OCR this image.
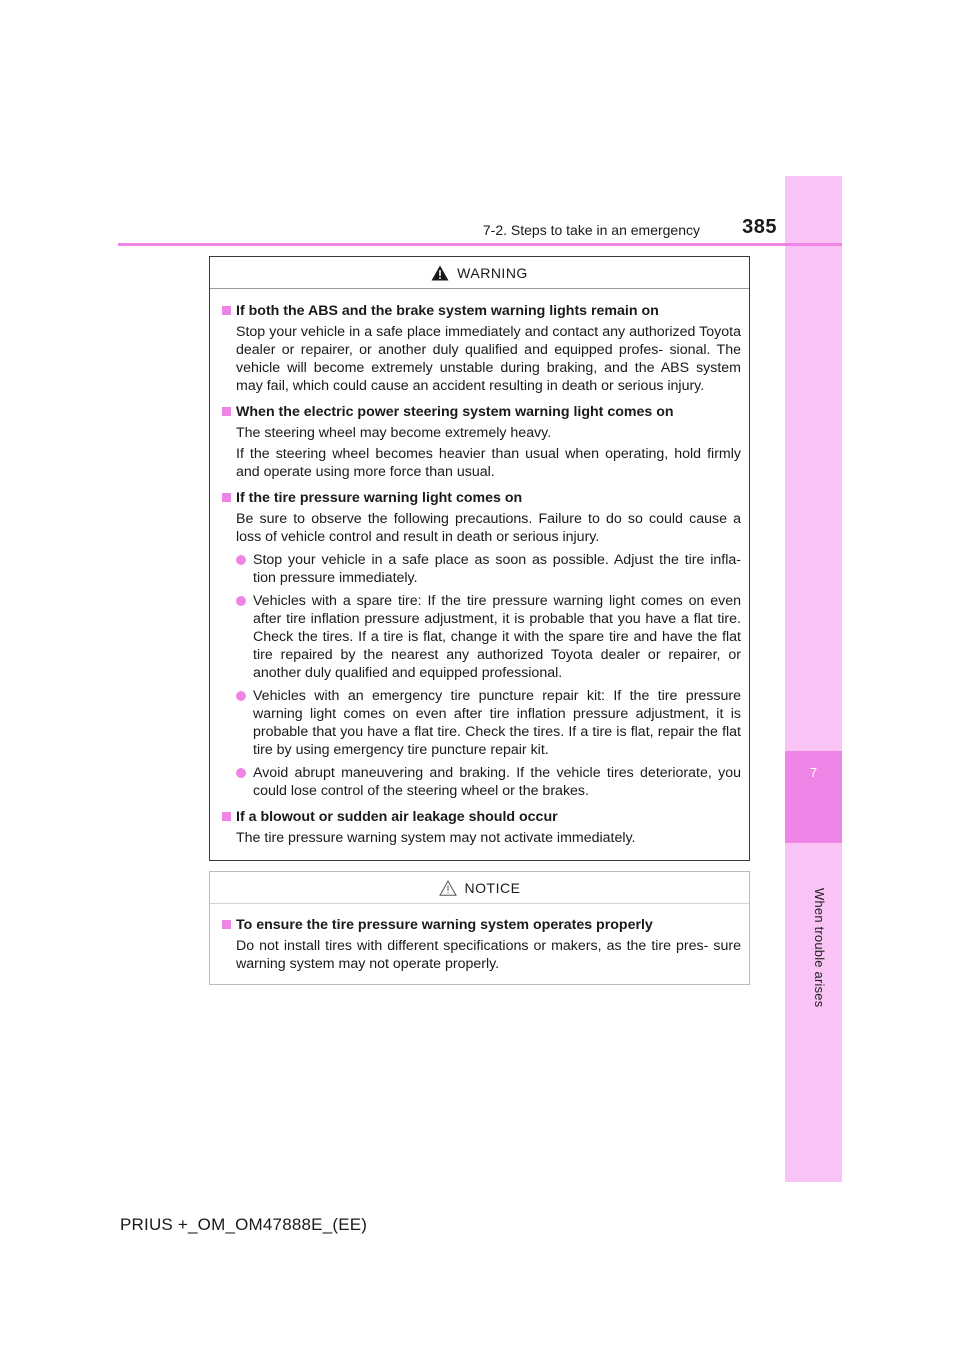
7
When trouble arises
7-2. Steps to take in an emergency	385
WARNING

If both the ABS and the brake system warning lights remain on

Stop your vehicle in a safe place immediately and contact any authorized Toyota dealer or repairer, or another duly qualified and equipped profes- sional. The vehicle will become extremely unstable during braking, and the ABS system may fail, which could cause an accident resulting in death or serious injury.

When the electric power steering system warning light comes on

The steering wheel may become extremely heavy.

If the steering wheel becomes heavier than usual when operating, hold firmly and operate using more force than usual.

If the tire pressure warning light comes on

Be sure to observe the following precautions. Failure to do so could cause a loss of vehicle control and result in death or serious injury.

Stop your vehicle in a safe place as soon as possible. Adjust the tire infla- tion pressure immediately.
Vehicles with a spare tire: If the tire pressure warning light comes on even after tire inflation pressure adjustment, it is probable that you have a flat tire. Check the tires. If a tire is flat, change it with the spare tire and have the flat tire repaired by the nearest any authorized Toyota dealer or repairer, or another duly qualified and equipped professional.
Vehicles with an emergency tire puncture repair kit: If the tire pressure warning light comes on even after tire inflation pressure adjustment, it is probable that you have a flat tire. Check the tires. If a tire is flat, repair the flat tire by using emergency tire puncture repair kit.
Avoid abrupt maneuvering and braking. If the vehicle tires deteriorate, you could lose control of the steering wheel or the brakes.

If a blowout or sudden air leakage should occur

The tire pressure warning system may not activate immediately.

NOTICE

To ensure the tire pressure warning system operates properly

Do not install tires with different specifications or makers, as the tire pres- sure warning system may not operate properly.

PRIUS +_OM_OM47888E_(EE)
